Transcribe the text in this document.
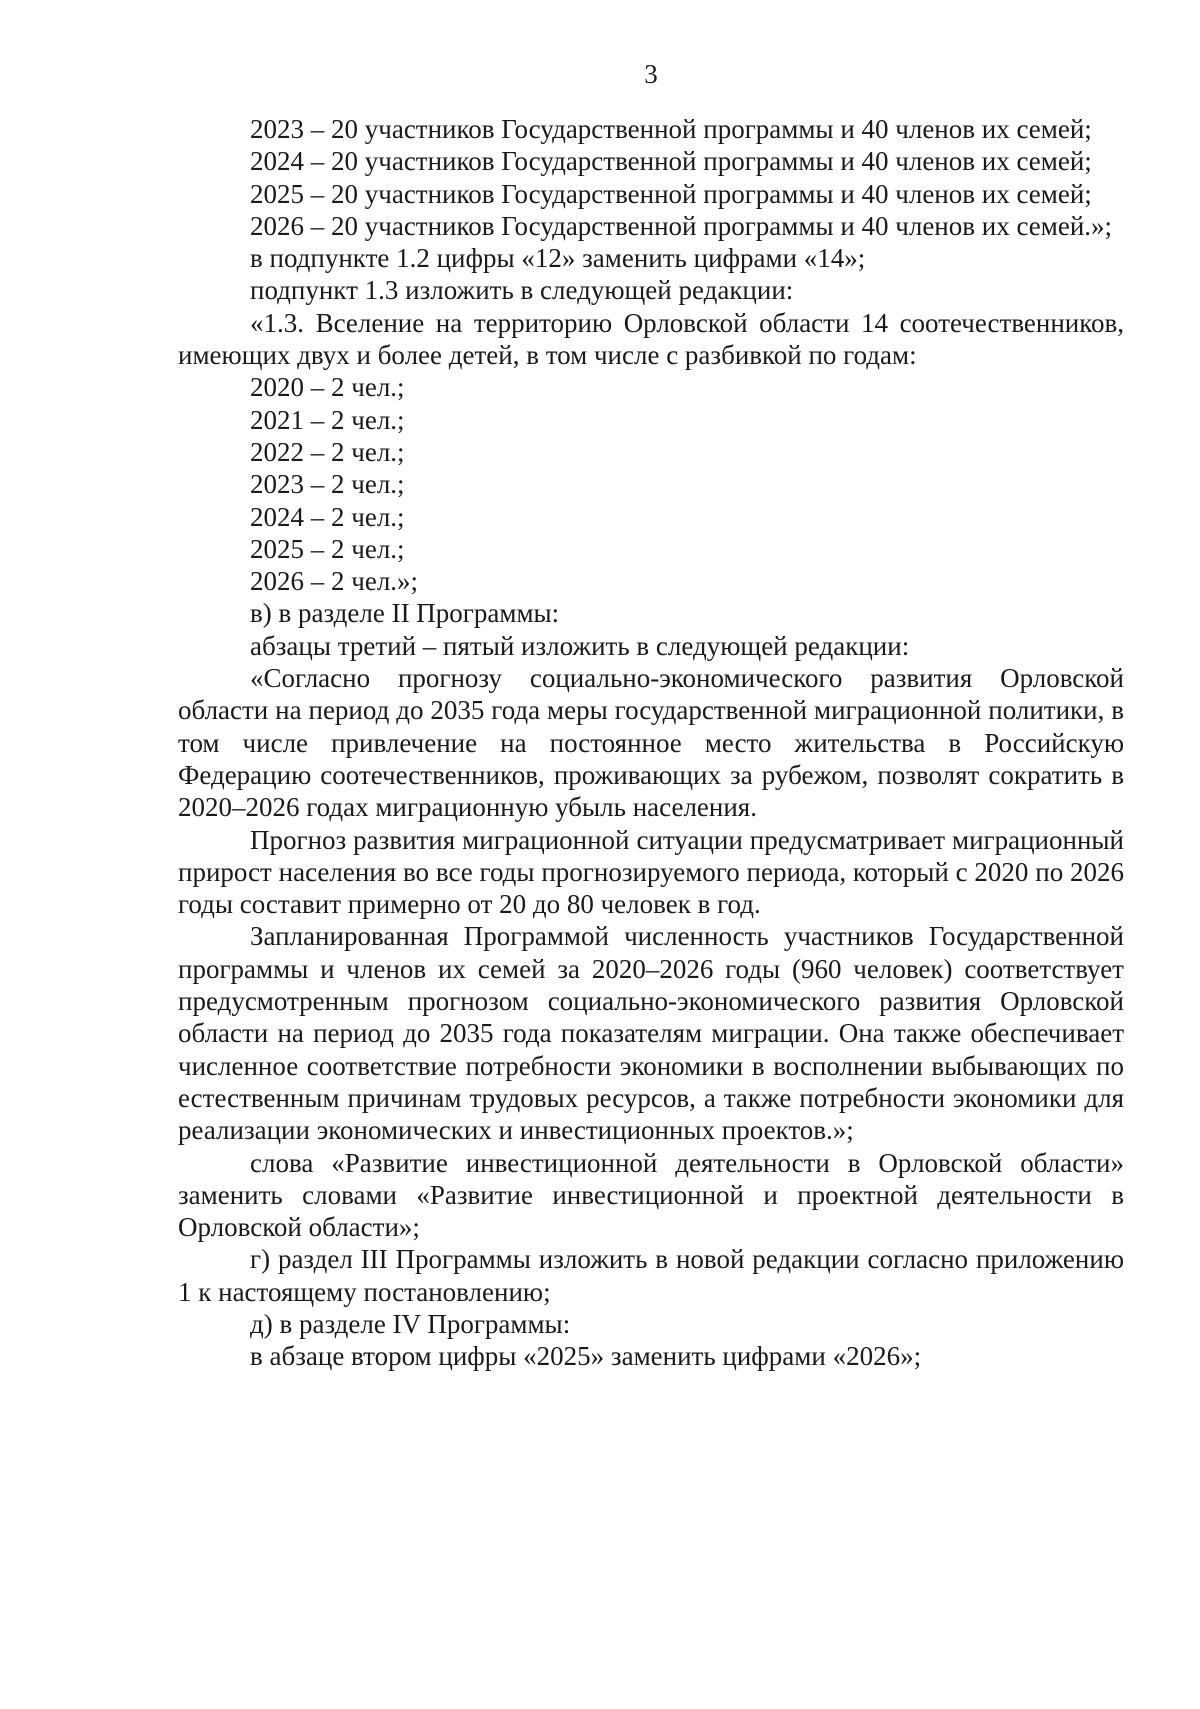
3

2023 – 20 участников Государственной программы и 40 членов их семей;

2024 – 20 участников Государственной программы и 40 членов их семей;

2025 – 20 участников Государственной программы и 40 членов их семей;

2026 – 20 участников Государственной программы и 40 членов их семей.»;

в подпункте 1.2 цифры «12» заменить цифрами «14»;

подпункт 1.3 изложить в следующей редакции:

«1.3. Вселение на территорию Орловской области 14 соотечественников, имеющих двух и более детей, в том числе с разбивкой по годам:

2020 – 2 чел.;

2021 – 2 чел.;

2022 – 2 чел.;

2023 – 2 чел.;

2024 – 2 чел.;

2025 – 2 чел.;

2026 – 2 чел.»;

в) в разделе II Программы:

абзацы третий – пятый изложить в следующей редакции:

«Согласно прогнозу социально-экономического развития Орловской области на период до 2035 года меры государственной миграционной политики, в том числе привлечение на постоянное место жительства в Российскую Федерацию соотечественников, проживающих за рубежом, позволят сократить в 2020–2026 годах миграционную убыль населения.

Прогноз развития миграционной ситуации предусматривает миграционный прирост населения во все годы прогнозируемого периода, который с 2020 по 2026 годы составит примерно от 20 до 80 человек в год.

Запланированная Программой численность участников Государственной программы и членов их семей за 2020–2026 годы (960 человек) соответствует предусмотренным прогнозом социально-экономического развития Орловской области на период до 2035 года показателям миграции. Она также обеспечивает численное соответствие потребности экономики в восполнении выбывающих по естественным причинам трудовых ресурсов, а также потребности экономики для реализации экономических и инвестиционных проектов.»;

слова «Развитие инвестиционной деятельности в Орловской области» заменить словами «Развитие инвестиционной и проектной деятельности в Орловской области»;

г) раздел III Программы изложить в новой редакции согласно приложению 1 к настоящему постановлению;

д) в разделе IV Программы:

в абзаце втором цифры «2025» заменить цифрами «2026»;
